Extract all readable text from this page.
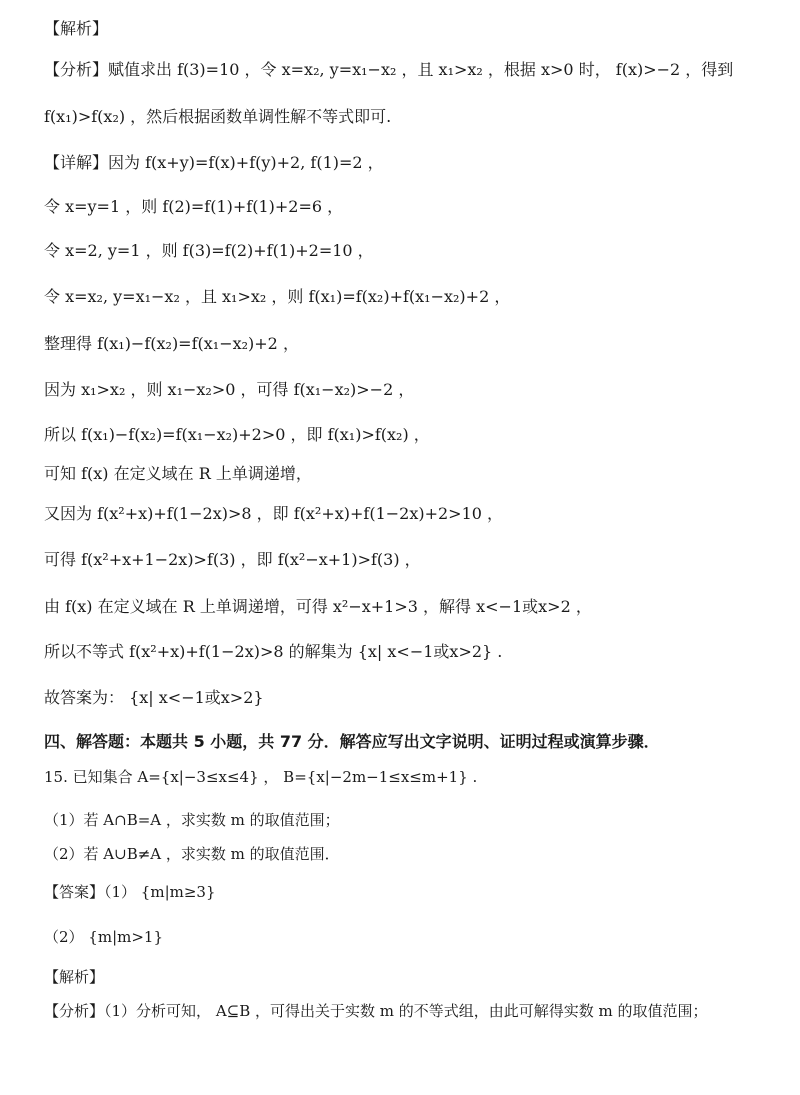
【解析】
【分析】赋值求出 f(3)=10 ，令 x=x₂, y=x₁−x₂ ，且 x₁>x₂ ，根据 x>0 时， f(x)>−2 ，得到
f(x₁)>f(x₂) ，然后根据函数单调性解不等式即可.
【详解】因为 f(x+y)=f(x)+f(y)+2, f(1)=2 ，
令 x=y=1 ，则 f(2)=f(1)+f(1)+2=6 ，
令 x=2, y=1 ，则 f(3)=f(2)+f(1)+2=10 ，
令 x=x₂, y=x₁−x₂ ，且 x₁>x₂ ，则 f(x₁)=f(x₂)+f(x₁−x₂)+2 ，
整理得 f(x₁)−f(x₂)=f(x₁−x₂)+2 ，
因为 x₁>x₂ ，则 x₁−x₂>0 ，可得 f(x₁−x₂)>−2 ，
所以 f(x₁)−f(x₂)=f(x₁−x₂)+2>0 ，即 f(x₁)>f(x₂) ，
可知 f(x) 在定义域在 R 上单调递增，
又因为 f(x²+x)+f(1−2x)>8 ，即 f(x²+x)+f(1−2x)+2>10 ，
可得 f(x²+x+1−2x)>f(3) ，即 f(x²−x+1)>f(3) ，
由 f(x) 在定义域在 R 上单调递增，可得 x²−x+1>3 ，解得 x<−1或x>2 ，
所以不等式 f(x²+x)+f(1−2x)>8 的解集为 {x| x<−1或x>2} .
故答案为： {x| x<−1或x>2}
四、解答题：本题共 5 小题，共 77 分．解答应写出文字说明、证明过程或演算步骤．
15. 已知集合 A={x|−3≤x≤4} ， B={x|−2m−1≤x≤m+1} .
（1）若 A∩B=A ，求实数 m 的取值范围；
（2）若 A∪B≠A ，求实数 m 的取值范围．
【答案】（1） {m|m≥3}
（2） {m|m>1}
【解析】
【分析】（1）分析可知， A⊆B ，可得出关于实数 m 的不等式组，由此可解得实数 m 的取值范围；
